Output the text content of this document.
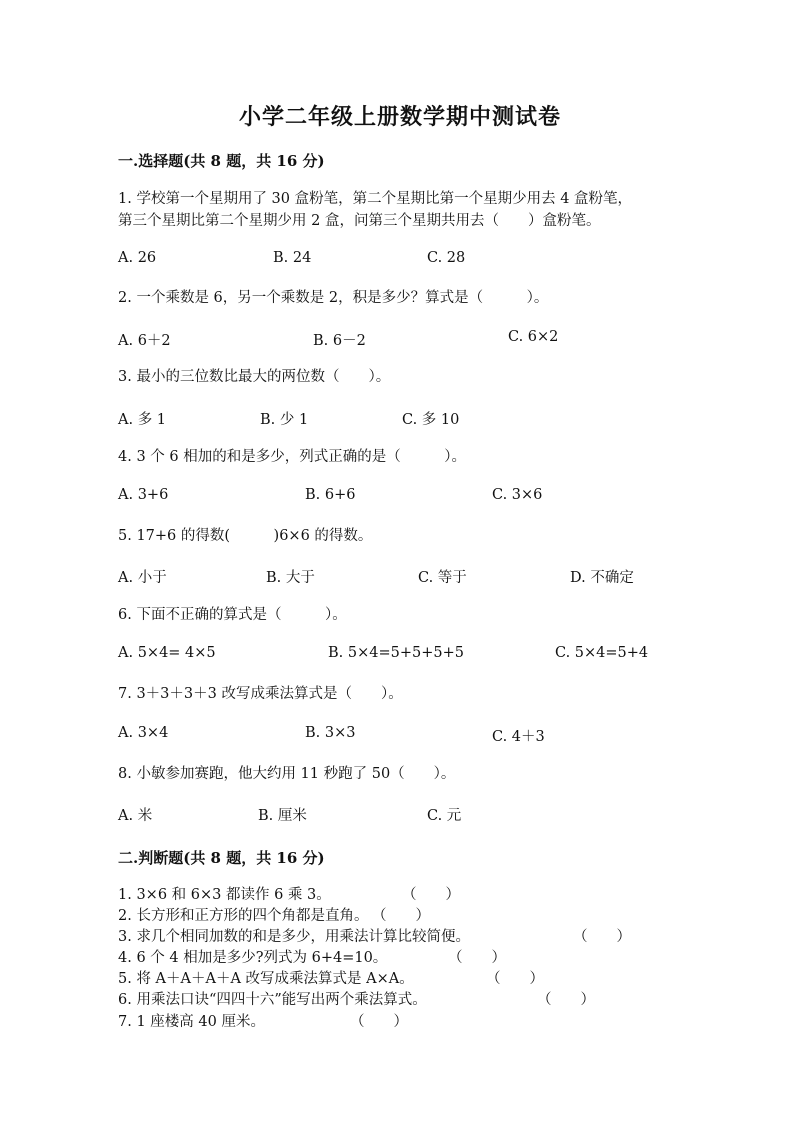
小学二年级上册数学期中测试卷
一.选择题(共 8 题，共 16 分)
1. 学校第一个星期用了 30 盒粉笔，第二个星期比第一个星期少用去 4 盒粉笔，
第三个星期比第二个星期少用 2 盒，问第三个星期共用去（　　）盒粉笔。
A. 26	B. 24	C. 28
2. 一个乘数是 6，另一个乘数是 2，积是多少？算式是（　　　）。
A. 6＋2	B. 6－2	C. 6×2
3. 最小的三位数比最大的两位数（　　）。
A. 多 1	B. 少 1	C. 多 10
4. 3 个 6 相加的和是多少，列式正确的是（　　　）。
A. 3+6	B. 6+6	C. 3×6
5. 17+6 的得数(　　　)6×6 的得数。
A. 小于	B. 大于	C. 等于	D. 不确定
6. 下面不正确的算式是（　　　）。
A. 5×4= 4×5	B. 5×4=5+5+5+5	C. 5×4=5+4
7. 3＋3＋3＋3 改写成乘法算式是（　　）。
A. 3×4	B. 3×3	C. 4＋3
8. 小敏参加赛跑，他大约用 11 秒跑了 50（　　）。
A. 米	B. 厘米	C. 元
二.判断题(共 8 题，共 16 分)
1. 3×6 和 6×3 都读作 6 乘 3。	（　　）
2. 长方形和正方形的四个角都是直角。 （　　）
3. 求几个相同加数的和是多少，用乘法计算比较简便。	（　　）
4. 6 个 4 相加是多少?列式为 6+4=10。	（　　）
5. 将 A＋A＋A＋A 改写成乘法算式是 A×A。	（　　）
6. 用乘法口诀“四四十六”能写出两个乘法算式。	（　　）
7. 1 座楼高 40 厘米。	（　　）
